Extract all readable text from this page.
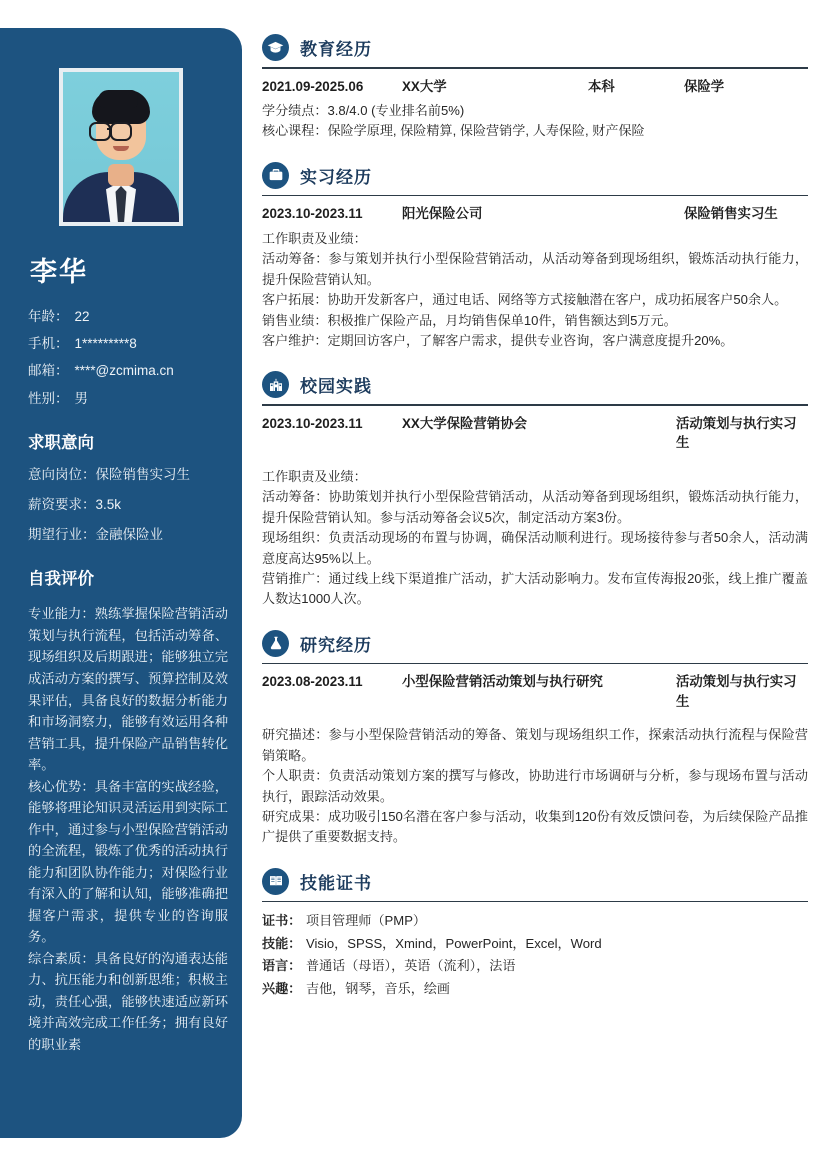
李华
年龄： 22
手机： 1*********8
邮箱： ****@zcmima.cn
性别： 男
求职意向
意向岗位：保险销售实习生
薪资要求：3.5k
期望行业：金融保险业
自我评价
专业能力：熟练掌握保险营销活动策划与执行流程，包括活动筹备、现场组织及后期跟进；能够独立完成活动方案的撰写、预算控制及效果评估，具备良好的数据分析能力和市场洞察力，能够有效运用各种营销工具，提升保险产品销售转化率。
核心优势：具备丰富的实战经验，能够将理论知识灵活运用到实际工作中，通过参与小型保险营销活动的全流程，锻炼了优秀的活动执行能力和团队协作能力；对保险行业有深入的了解和认知，能够准确把握客户需求，提供专业的咨询服务。
综合素质：具备良好的沟通表达能力、抗压能力和创新思维；积极主动，责任心强，能够快速适应新环境并高效完成工作任务；拥有良好的职业素
教育经历
2021.09-2025.06	XX大学	本科	保险学

学分绩点：3.8/4.0 (专业排名前5%)

核心课程：保险学原理, 保险精算, 保险营销学, 人寿保险, 财产保险

实习经历
2023.10-2023.11	阳光保险公司	保险销售实习生

工作职责及业绩：

活动筹备：参与策划并执行小型保险营销活动，从活动筹备到现场组织，锻炼活动执行能力，提升保险营销认知。

客户拓展：协助开发新客户，通过电话、网络等方式接触潜在客户，成功拓展客户50余人。

销售业绩：积极推广保险产品，月均销售保单10件，销售额达到5万元。

客户维护：定期回访客户，了解客户需求，提供专业咨询，客户满意度提升20%。

校园实践
2023.10-2023.11	XX大学保险营销协会	活动策划与执行实习生

工作职责及业绩：

活动筹备：协助策划并执行小型保险营销活动，从活动筹备到现场组织，锻炼活动执行能力，提升保险营销认知。参与活动筹备会议5次，制定活动方案3份。

现场组织：负责活动现场的布置与协调，确保活动顺利进行。现场接待参与者50余人，活动满意度高达95%以上。

营销推广：通过线上线下渠道推广活动，扩大活动影响力。发布宣传海报20张，线上推广覆盖人数达1000人次。

研究经历
2023.08-2023.11	小型保险营销活动策划与执行研究	活动策划与执行实习生

研究描述：参与小型保险营销活动的筹备、策划与现场组织工作，探索活动执行流程与保险营销策略。

个人职责：负责活动策划方案的撰写与修改，协助进行市场调研与分析，参与现场布置与活动执行，跟踪活动效果。

研究成果：成功吸引150名潜在客户参与活动，收集到120份有效反馈问卷，为后续保险产品推广提供了重要数据支持。

技能证书
证书： 项目管理师（PMP）
技能： Visio，SPSS，Xmind，PowerPoint，Excel，Word
语言： 普通话（母语），英语（流利），法语
兴趣： 吉他，钢琴，音乐，绘画
